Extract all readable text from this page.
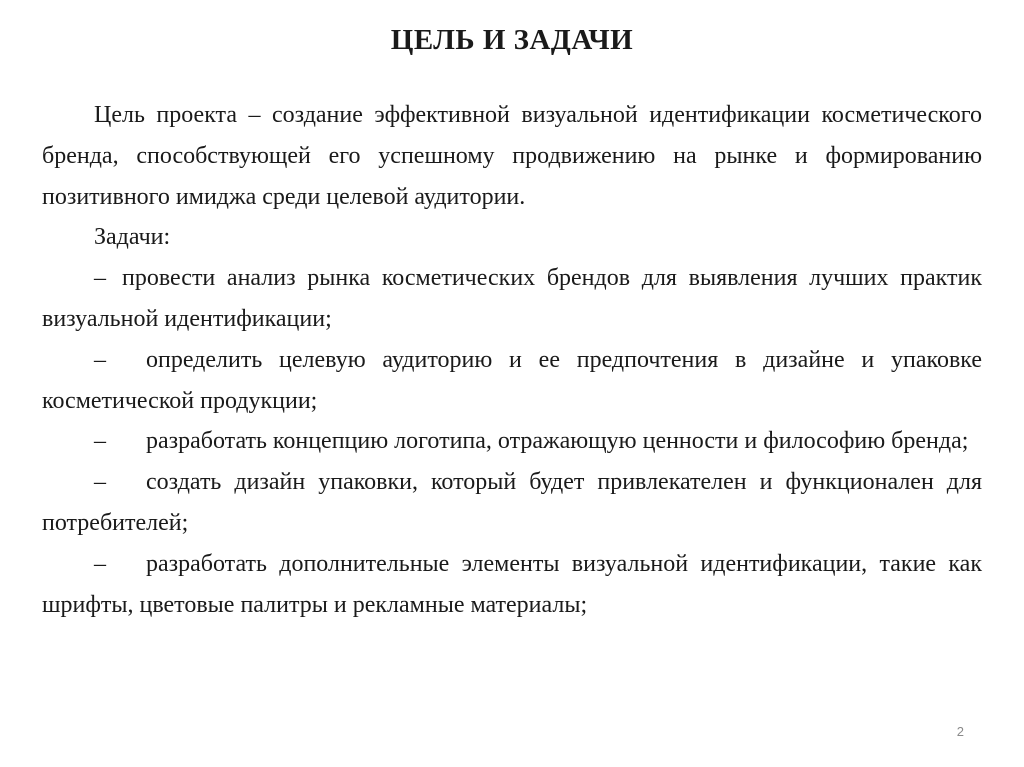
ЦЕЛЬ И ЗАДАЧИ

Цель проекта – создание эффективной визуальной идентификации косметического бренда, способствующей его успешному продвижению на рынке и формированию позитивного имиджа среди целевой аудитории.

Задачи:

– провести анализ рынка косметических брендов для выявления лучших практик визуальной идентификации;

– определить целевую аудиторию и ее предпочтения в дизайне и упаковке косметической продукции;

– разработать концепцию логотипа, отражающую ценности и философию бренда;

– создать дизайн упаковки, который будет привлекателен и функционален для потребителей;

– разработать дополнительные элементы визуальной идентификации, такие как шрифты, цветовые палитры и рекламные материалы;

2
